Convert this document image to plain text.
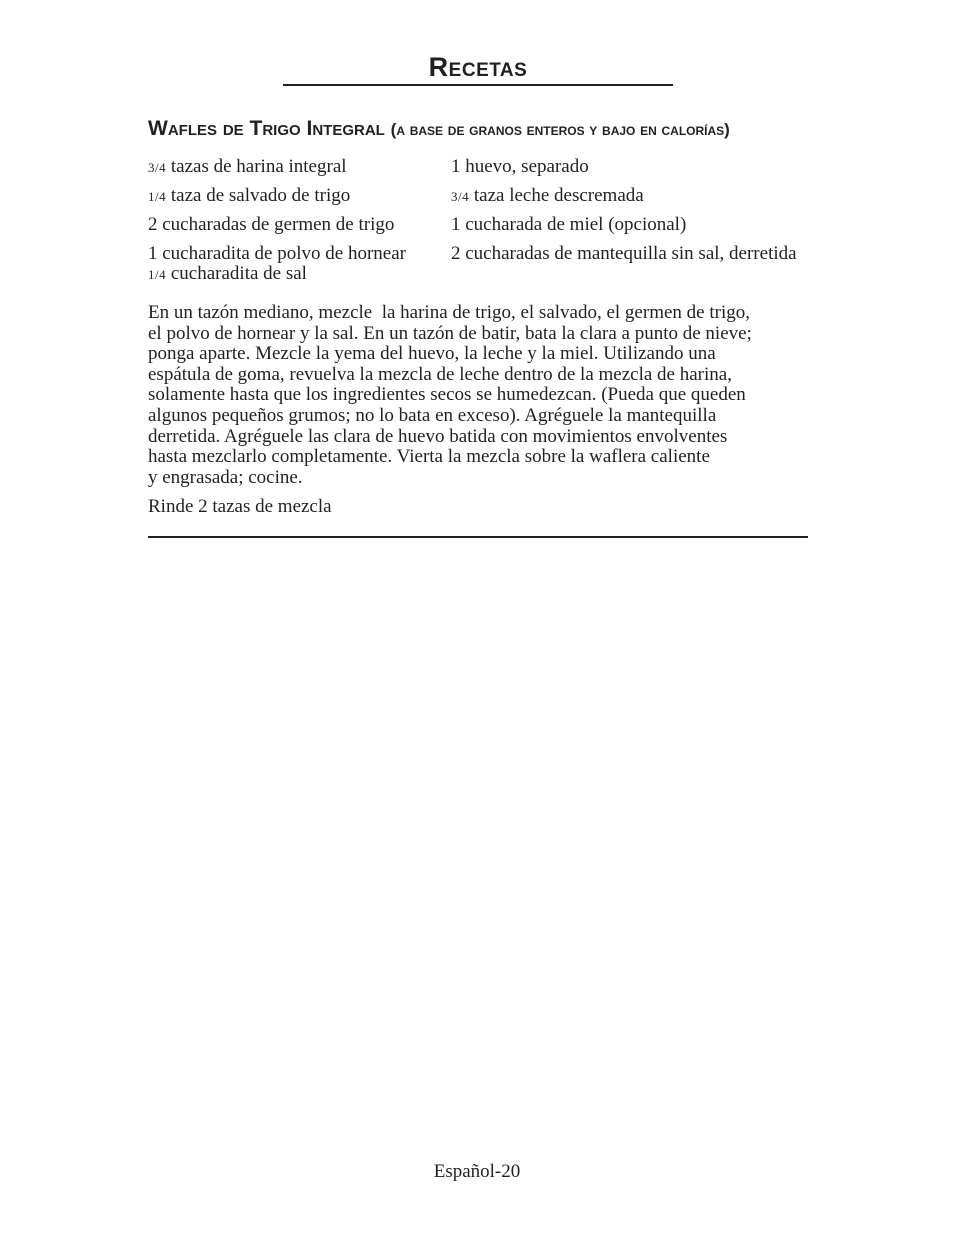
Recetas
Wafles de Trigo Integral (a base de granos enteros y bajo en calorías)
3/4 tazas de harina integral
1/4 taza de salvado de trigo
2 cucharadas de germen de trigo
1 cucharadita de polvo de hornear
1/4 cucharadita de sal
1 huevo, separado
3/4 taza leche descremada
1 cucharada de miel (opcional)
2 cucharadas de mantequilla sin sal, derretida
En un tazón mediano, mezcle  la harina de trigo, el salvado, el germen de trigo,
el polvo de hornear y la sal. En un tazón de batir, bata la clara a punto de nieve;
ponga aparte. Mezcle la yema del huevo, la leche y la miel. Utilizando una
espátula de goma, revuelva la mezcla de leche dentro de la mezcla de harina,
solamente hasta que los ingredientes secos se humedezcan. (Pueda que queden
algunos pequeños grumos; no lo bata en exceso). Agréguele la mantequilla
derretida. Agréguele las clara de huevo batida con movimientos envolventes
hasta mezclarlo completamente. Vierta la mezcla sobre la waflera caliente
y engrasada; cocine.
Rinde 2 tazas de mezcla
Español-20
